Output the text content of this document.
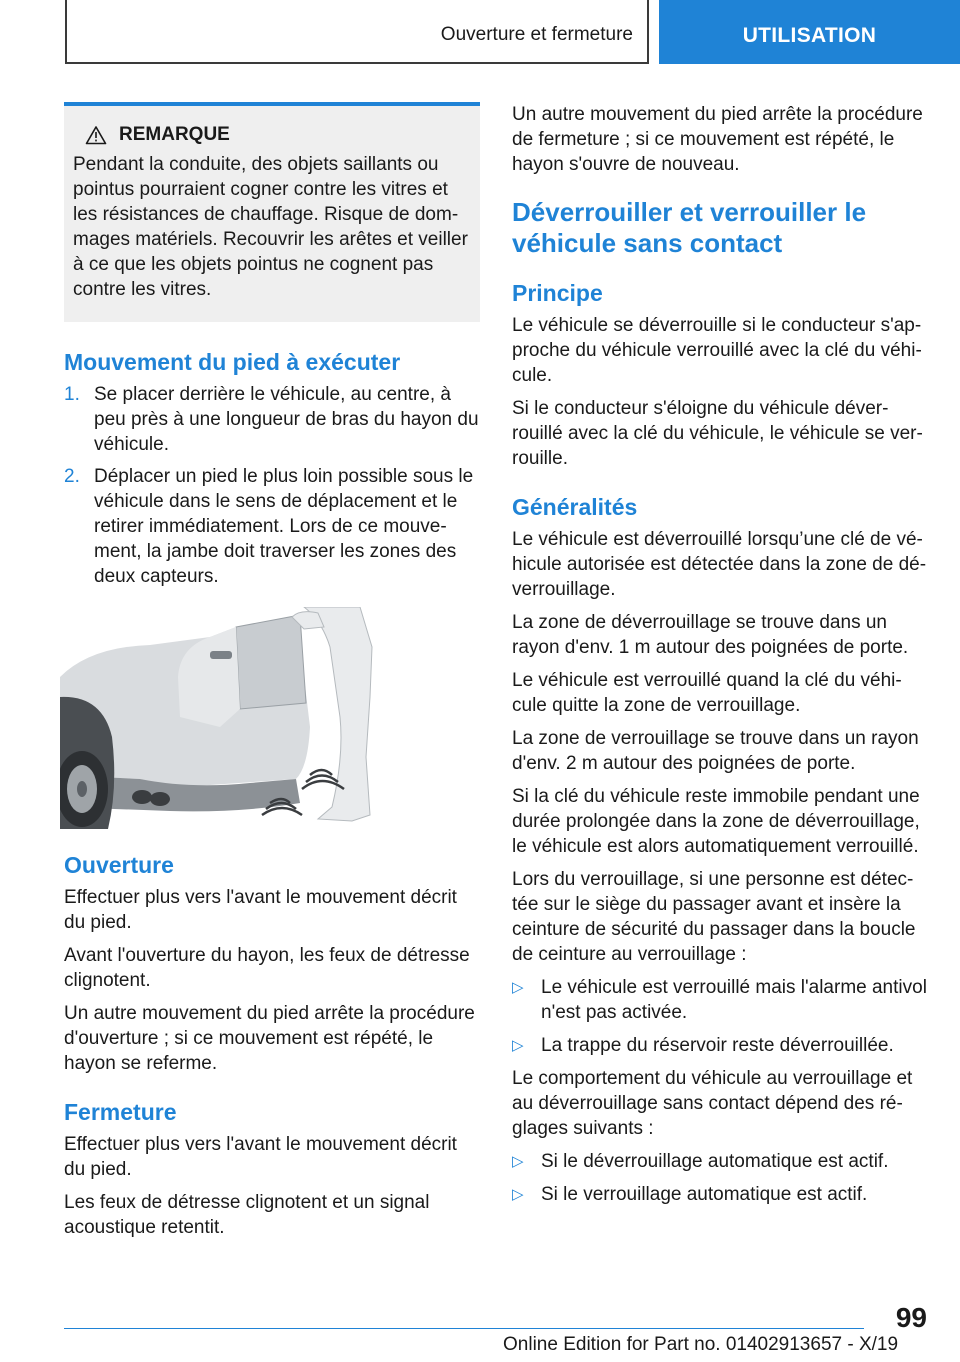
Ouverture et fermeture	UTILISATION
REMARQUE

Pendant la conduite, des objets saillants ou pointus pourraient cogner contre les vitres et les résistances de chauffage. Risque de dom-mages matériels. Recouvrir les arêtes et veiller à ce que les objets pointus ne cognent pas contre les vitres.

Mouvement du pied à exécuter
1. Se placer derrière le véhicule, au centre, à peu près à une longueur de bras du hayon du véhicule.
2. Déplacer un pied le plus loin possible sous le véhicule dans le sens de déplacement et le retirer immédiatement. Lors de ce mouve-ment, la jambe doit traverser les zones des deux capteurs.
Ouverture

Effectuer plus vers l'avant le mouvement décrit du pied.

Avant l'ouverture du hayon, les feux de détresse clignotent.

Un autre mouvement du pied arrête la procédure d'ouverture ; si ce mouvement est répété, le hayon se referme.

Fermeture

Effectuer plus vers l'avant le mouvement décrit du pied.

Les feux de détresse clignotent et un signal acoustique retentit.

Un autre mouvement du pied arrête la procédure de fermeture ; si ce mouvement est répété, le hayon s'ouvre de nouveau.

Déverrouiller et verrouiller le véhicule sans contact
Principe

Le véhicule se déverrouille si le conducteur s'ap-proche du véhicule verrouillé avec la clé du véhi-cule.

Si le conducteur s'éloigne du véhicule déver-rouillé avec la clé du véhicule, le véhicule se ver-rouille.

Généralités

Le véhicule est déverrouillé lorsqu’une clé de vé-hicule autorisée est détectée dans la zone de dé-verrouillage.

La zone de déverrouillage se trouve dans un rayon d'env. 1 m autour des poignées de porte.

Le véhicule est verrouillé quand la clé du véhi-cule quitte la zone de verrouillage.

La zone de verrouillage se trouve dans un rayon d'env. 2 m autour des poignées de porte.

Si la clé du véhicule reste immobile pendant une durée prolongée dans la zone de déverrouillage, le véhicule est alors automatiquement verrouillé.

Lors du verrouillage, si une personne est détec-tée sur le siège du passager avant et insère la ceinture de sécurité du passager dans la boucle de ceinture au verrouillage :

▷ Le véhicule est verrouillé mais l'alarme antivol n'est pas activée.
▷ La trappe du réservoir reste déverrouillée.

Le comportement du véhicule au verrouillage et au déverrouillage sans contact dépend des ré-glages suivants :

▷ Si le déverrouillage automatique est actif.
▷ Si le verrouillage automatique est actif.
99
Online Edition for Part no. 01402913657 - X/19
